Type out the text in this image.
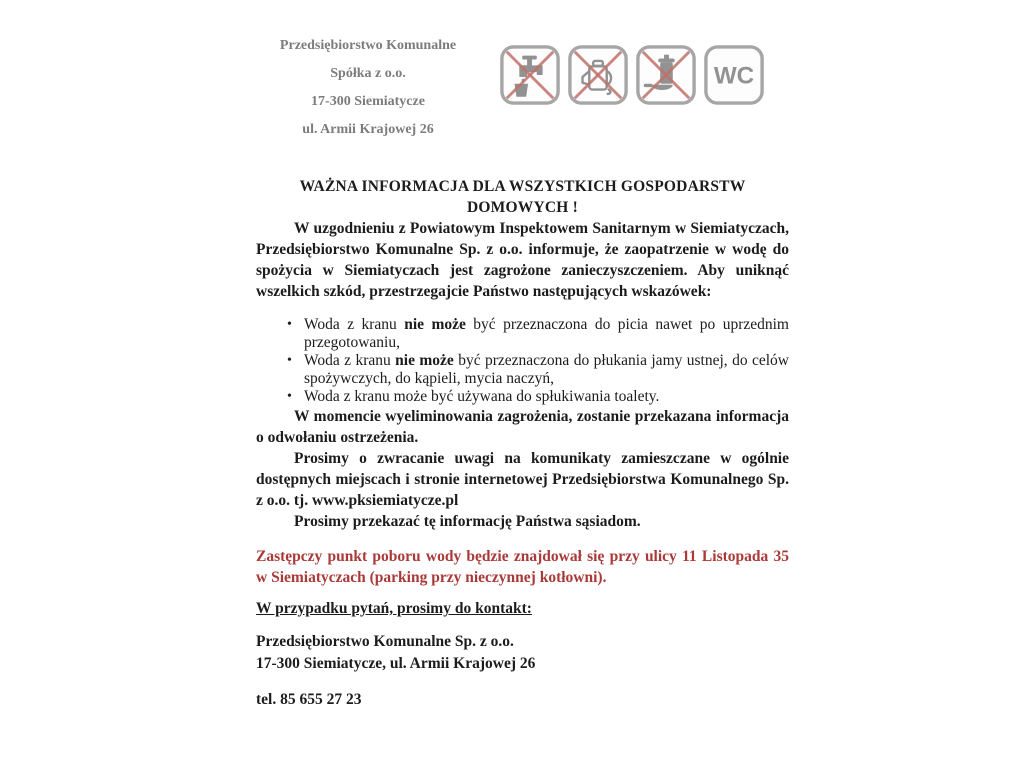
Przedsiębiorstwo Komunalne
Spółka z o.o.
17-300 Siemiatycze
ul. Armii Krajowej 26
WC
WAŻNA INFORMACJA DLA WSZYSTKICH GOSPODARSTW DOMOWYCH !

W uzgodnieniu z Powiatowym Inspektowem Sanitarnym w Siemiatyczach, Przedsiębiorstwo Komunalne Sp. z o.o. informuje, że zaopatrzenie w wodę do spożycia w Siemiatyczach jest zagrożone zanieczyszczeniem. Aby uniknąć wszelkich szkód, przestrzegajcie Państwo następujących wskazówek:

• Woda z kranu nie może być przeznaczona do picia nawet po uprzednim przegotowaniu,
• Woda z kranu nie może być przeznaczona do płukania jamy ustnej, do celów spożywczych, do kąpieli, mycia naczyń,
• Woda z kranu może być używana do spłukiwania toalety.

W momencie wyeliminowania zagrożenia, zostanie przekazana informacja o odwołaniu ostrzeżenia.

Prosimy o zwracanie uwagi na komunikaty zamieszczane w ogólnie dostępnych miejscach i stronie internetowej Przedsiębiorstwa Komunalnego Sp. z o.o. tj. www.pksiemiatycze.pl

Prosimy przekazać tę informację Państwa sąsiadom.

Zastępczy punkt poboru wody będzie znajdował się przy ulicy 11 Listopada 35 w Siemiatyczach (parking przy nieczynnej kotłowni).

W przypadku pytań, prosimy do kontakt:

Przedsiębiorstwo Komunalne Sp. z o.o.
17-300 Siemiatycze, ul. Armii Krajowej 26

tel. 85 655 27 23
